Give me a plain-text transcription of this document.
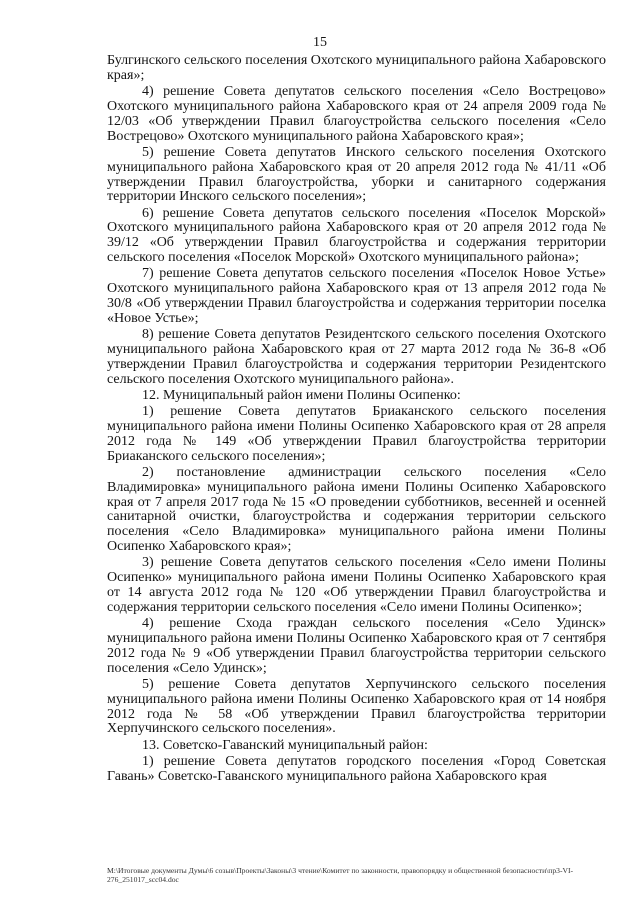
15

Булгинского сельского поселения Охотского муниципального района Хабаровского края»;

4) решение Совета депутатов сельского поселения «Село Вострецово» Охотского муниципального района Хабаровского края от 24 апреля 2009 года № 12/03 «Об утверждении Правил благоустройства сельского поселения «Село Вострецово» Охотского муниципального района Хабаровского края»;

5) решение Совета депутатов Инского сельского поселения Охотского муниципального района Хабаровского края от 20 апреля 2012 года № 41/11 «Об утверждении Правил благоустройства, уборки и санитарного содержания территории Инского сельского поселения»;

6) решение Совета депутатов сельского поселения «Поселок Морской» Охотского муниципального района Хабаровского края от 20 апреля 2012 года № 39/12 «Об утверждении Правил благоустройства и содержания территории сельского поселения «Поселок Морской» Охотского муниципального района»;

7) решение Совета депутатов сельского поселения «Поселок Новое Устье» Охотского муниципального района Хабаровского края от 13 апреля 2012 года № 30/8 «Об утверждении Правил благоустройства и содержания территории поселка «Новое Устье»;

8) решение Совета депутатов Резидентского сельского поселения Охотского муниципального района Хабаровского края от 27 марта 2012 года № 36-8 «Об утверждении Правил благоустройства и содержания территории Резидентского сельского поселения Охотского муниципального района».

12. Муниципальный район имени Полины Осипенко:

1) решение Совета депутатов Бриаканского сельского поселения муниципального района имени Полины Осипенко Хабаровского края от 28 апреля 2012 года № 149 «Об утверждении Правил благоустройства территории Бриаканского сельского поселения»;

2) постановление администрации сельского поселения «Село Владимировка» муниципального района имени Полины Осипенко Хабаровского края от 7 апреля 2017 года № 15 «О проведении субботников, весенней и осенней санитарной очистки, благоустройства и содержания территории сельского поселения «Село Владимировка» муниципального района имени Полины Осипенко Хабаровского края»;

3) решение Совета депутатов сельского поселения «Село имени Полины Осипенко» муниципального района имени Полины Осипенко Хабаровского края от 14 августа 2012 года № 120 «Об утверждении Правил благоустройства и содержания территории сельского поселения «Село имени Полины Осипенко»;

4) решение Схода граждан сельского поселения «Село Удинск» муниципального района имени Полины Осипенко Хабаровского края от 7 сентября 2012 года № 9 «Об утверждении Правил благоустройства территории сельского поселения «Село Удинск»;

5) решение Совета депутатов Херпучинского сельского поселения муниципального района имени Полины Осипенко Хабаровского края от 14 ноября 2012 года № 58 «Об утверждении Правил благоустройства территории Херпучинского сельского поселения».

13. Советско-Гаванский муниципальный район:

1) решение Совета депутатов городского поселения «Город Советская Гавань» Советско-Гаванского муниципального района Хабаровского края

M:\Итоговые документы Думы\6 созыв\Проекты\Законы\3 чтение\Комитет по законности, правопорядку и общественной безопасности\пр3-VI-276_251017_scc04.doc
